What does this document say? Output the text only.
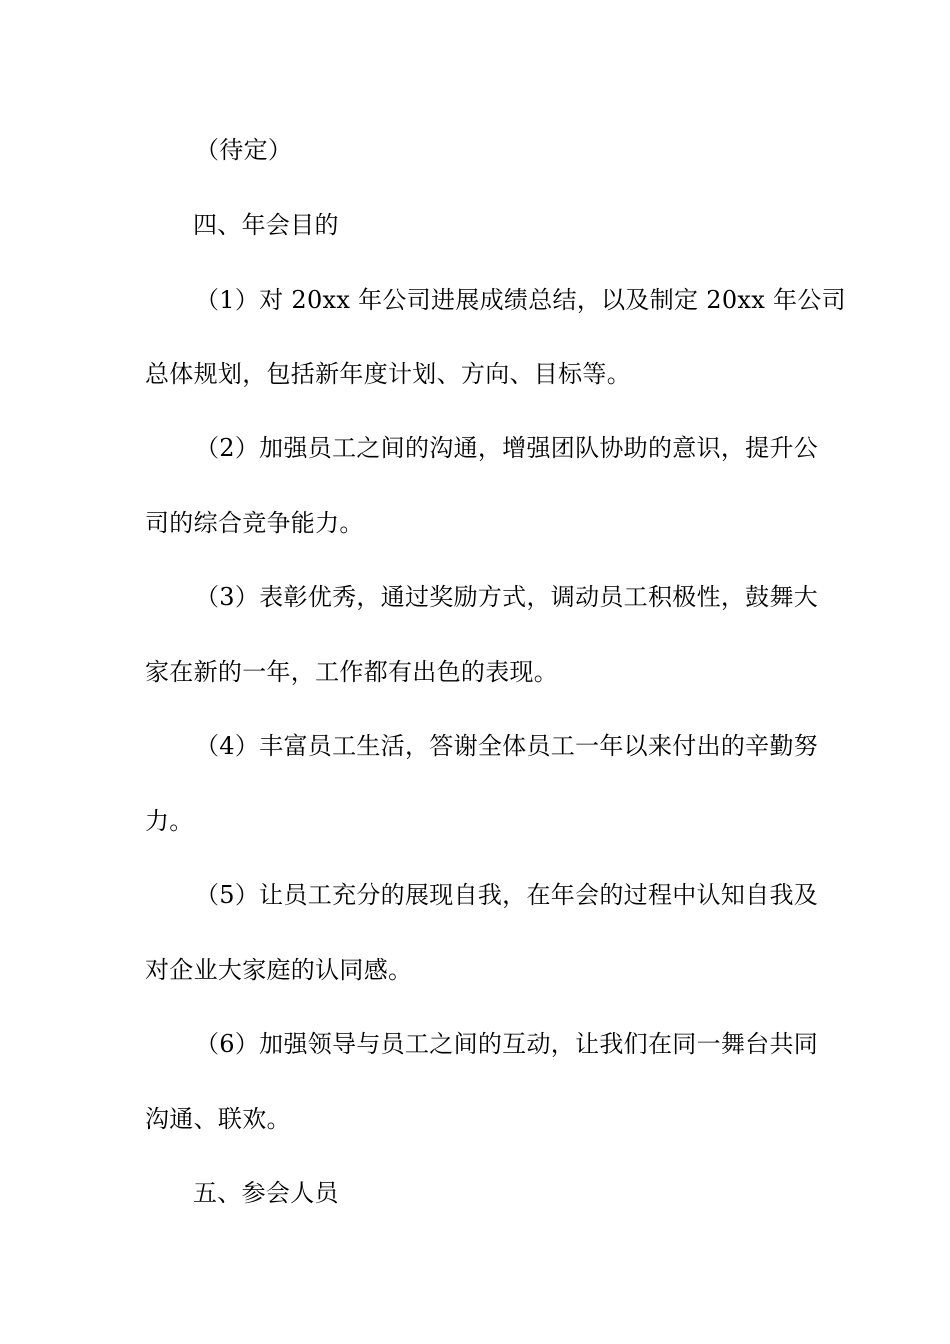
（待定）
四、年会目的
（1）对 20xx 年公司进展成绩总结，以及制定 20xx 年公司
总体规划，包括新年度计划、方向、目标等。
（2）加强员工之间的沟通，增强团队协助的意识，提升公
司的综合竞争能力。
（3）表彰优秀，通过奖励方式，调动员工积极性，鼓舞大
家在新的一年，工作都有出色的表现。
（4）丰富员工生活，答谢全体员工一年以来付出的辛勤努
力。
（5）让员工充分的展现自我，在年会的过程中认知自我及
对企业大家庭的认同感。
（6）加强领导与员工之间的互动，让我们在同一舞台共同
沟通、联欢。
五、参会人员
